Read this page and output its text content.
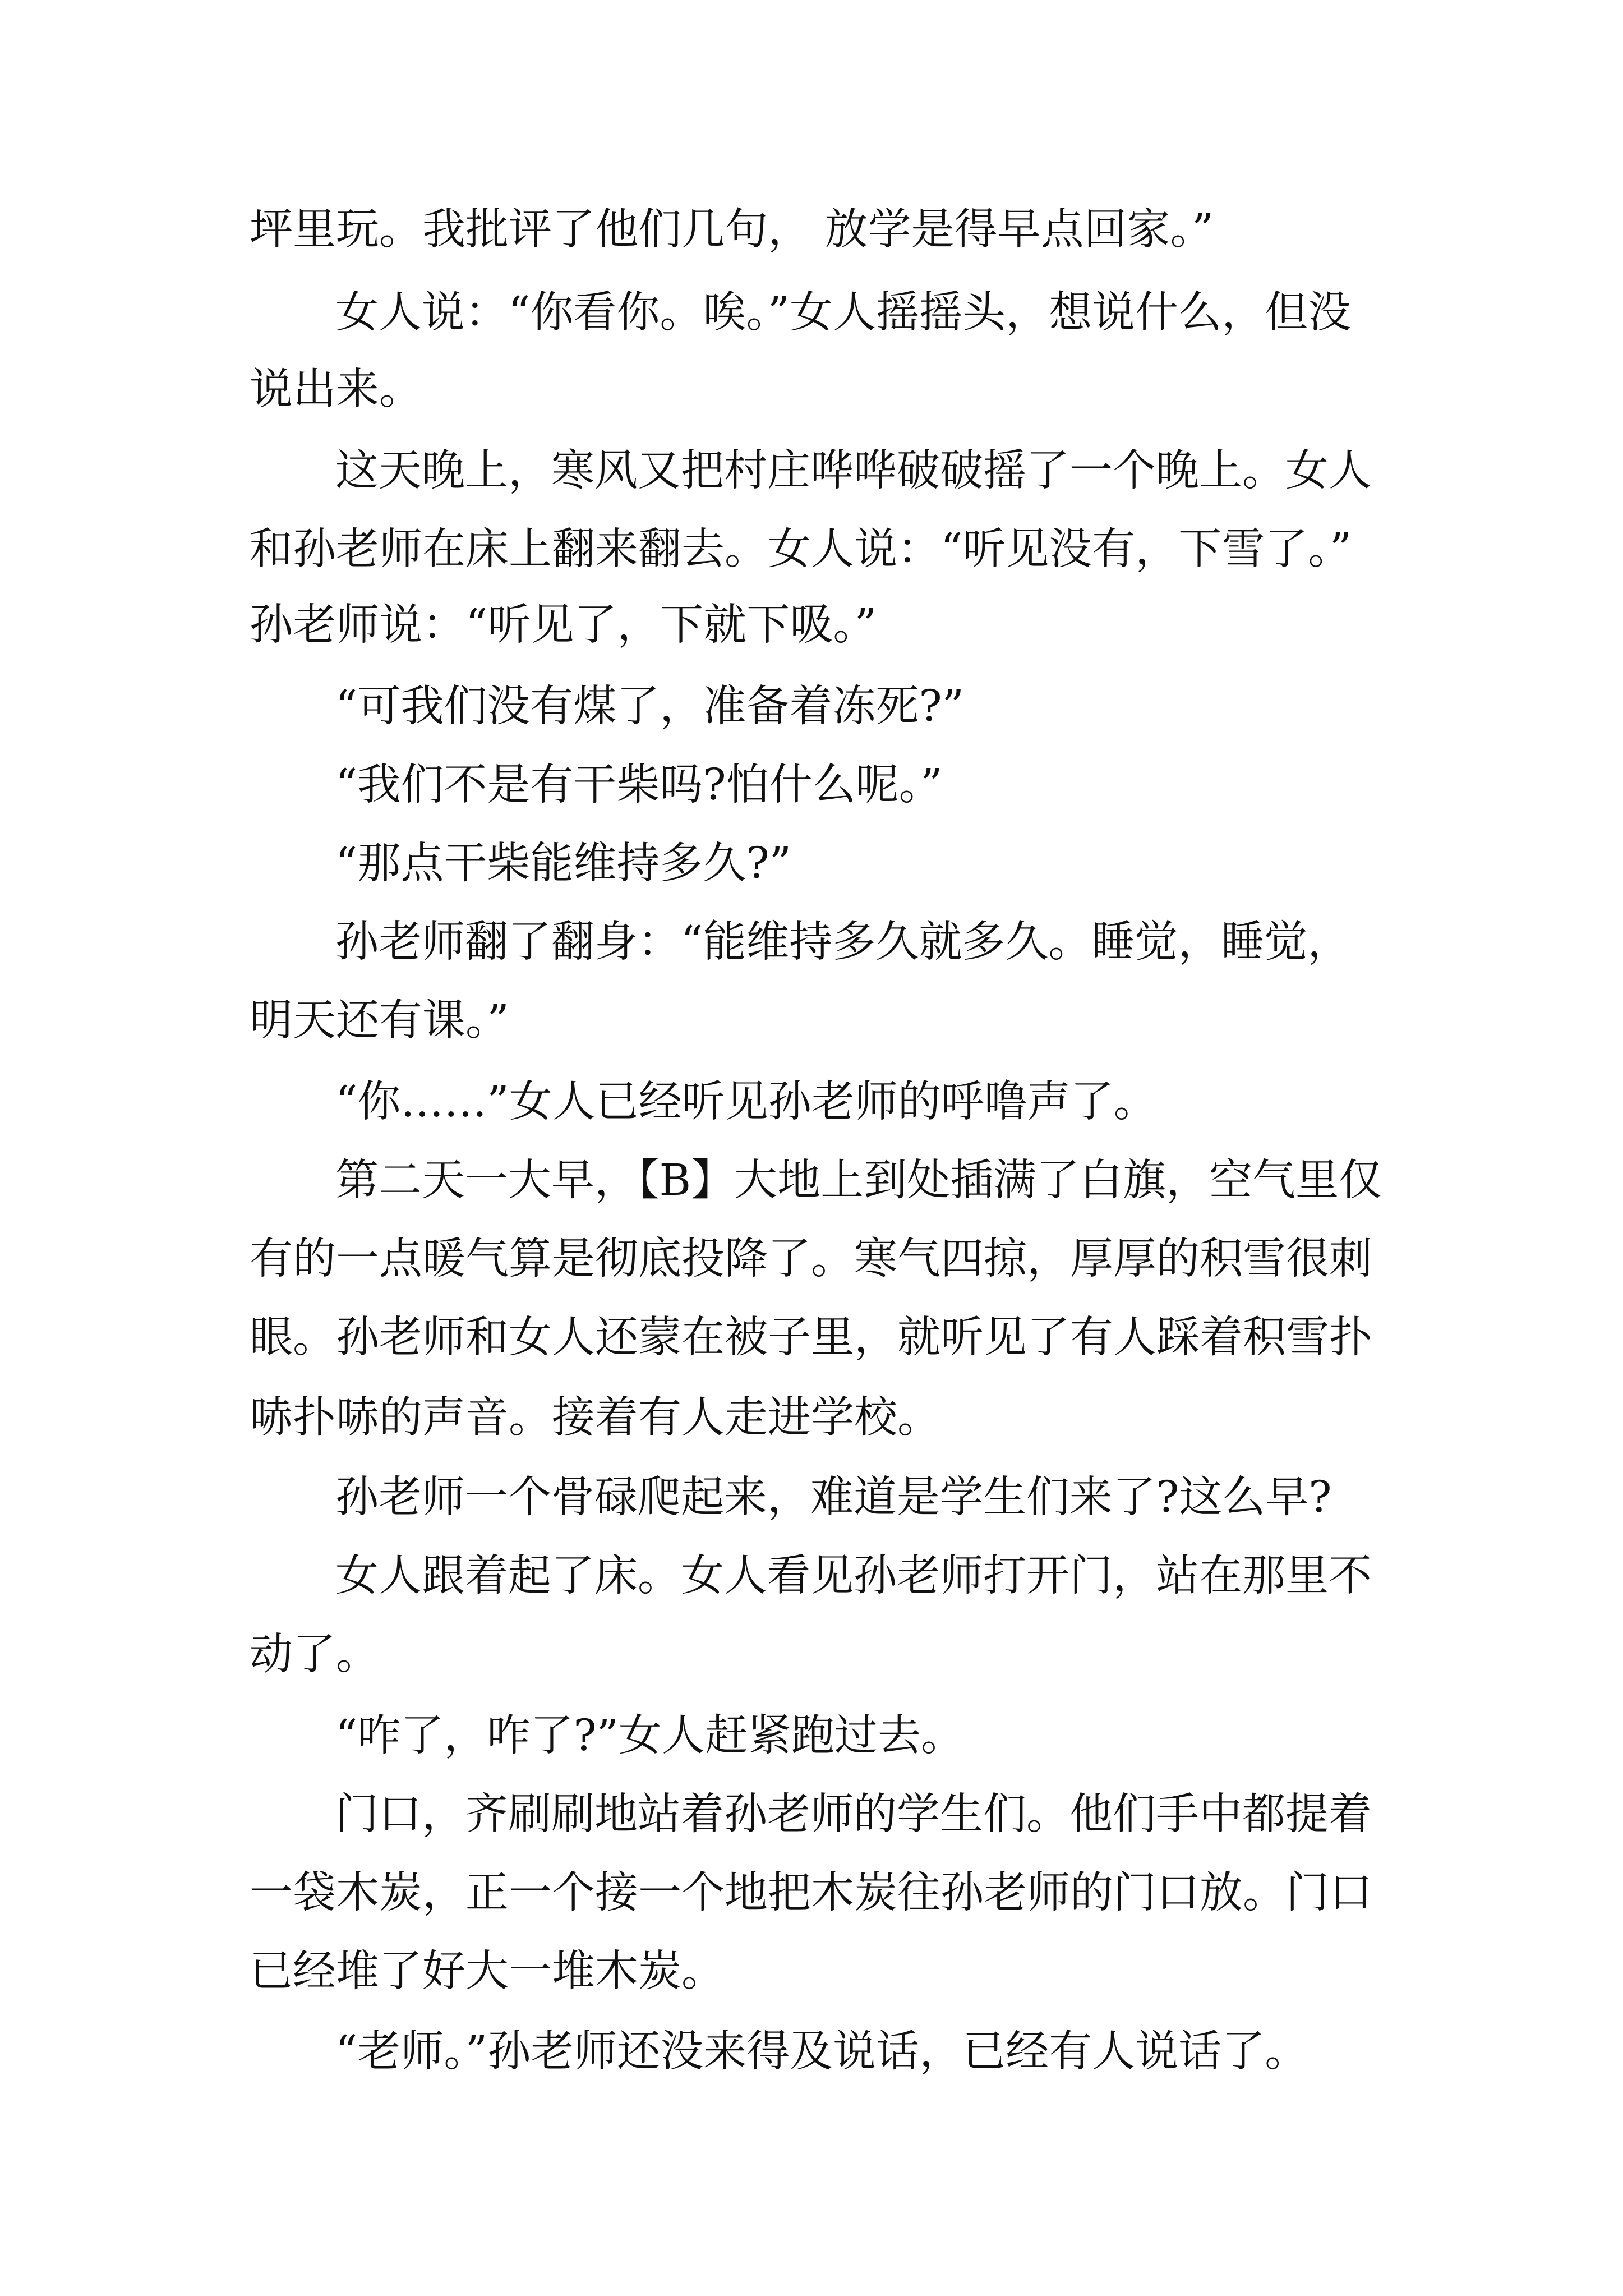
坪里玩。我批评了他们几句， 放学是得早点回家。”
女人说：“你看你。唉。”女人摇摇头，想说什么，但没
说出来。
这天晚上，寒风又把村庄哗哗破破摇了一个晚上。女人
和孙老师在床上翻来翻去。女人说：“听见没有，下雪了。”
孙老师说：“听见了，下就下吸。”
“可我们没有煤了，准备着冻死?”
“我们不是有干柴吗?怕什么呢。”
“那点干柴能维持多久?”
孙老师翻了翻身：“能维持多久就多久。睡觉，睡觉，
明天还有课。”
“你……”女人已经听见孙老师的呼噜声了。
第二天一大早，【B】大地上到处插满了白旗，空气里仅
有的一点暖气算是彻底投降了。寒气四掠，厚厚的积雪很刺
眼。孙老师和女人还蒙在被子里，就听见了有人踩着积雪扑
哧扑哧的声音。接着有人走进学校。
孙老师一个骨碌爬起来，难道是学生们来了?这么早?
女人跟着起了床。女人看见孙老师打开门，站在那里不
动了。
“咋了，咋了?”女人赶紧跑过去。
门口，齐刷刷地站着孙老师的学生们。他们手中都提着
一袋木炭，正一个接一个地把木炭往孙老师的门口放。门口
已经堆了好大一堆木炭。
“老师。”孙老师还没来得及说话，已经有人说话了。
